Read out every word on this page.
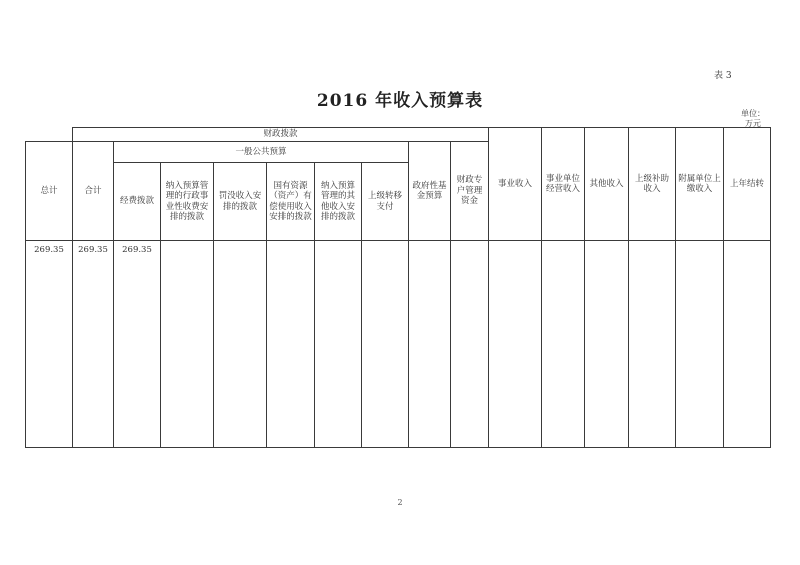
表 3
2016 年收入预算表
单位：
万元
	财政拨款									事业收入	事业单位经营收入	其他收入	上级补助收入	附属单位上缴收入	上年结转
总计	合计	一般公共预算						政府性基金预算	财政专户管理资金						
		经费拨款	纳入预算管理的行政事业性收费安排的拨款	罚没收入安排的拨款	国有资源（资产）有偿使用收入安排的拨款	纳入预算管理的其他收入安排的拨款	上级转移支付								
269.35	269.35	269.35													
2
